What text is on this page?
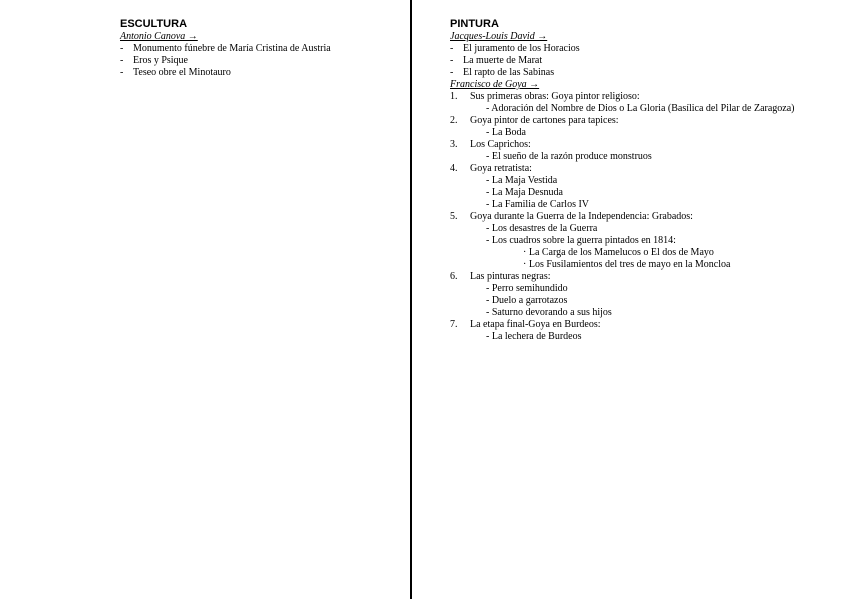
ESCULTURA
Antonio Canova →
- Monumento fúnebre de María Cristina de Austria
- Eros y Psique
- Teseo obre el Minotauro
PINTURA
Jacques-Louis David →
- El juramento de los Horacios
- La muerte de Marat
- El rapto de las Sabinas
Francisco de Goya →
1. Sus primeras obras: Goya pintor religioso:
- Adoración del Nombre de Dios o La Gloria (Basílica del Pilar de Zaragoza)
2. Goya pintor de cartones para tapices:
- La Boda
3. Los Caprichos:
- El sueño de la razón produce monstruos
4. Goya retratista:
- La Maja Vestida
- La Maja Desnuda
- La Familia de Carlos IV
5. Goya durante la Guerra de la Independencia: Grabados:
- Los desastres de la Guerra
- Los cuadros sobre la guerra pintados en 1814:
· La Carga de los Mamelucos o El dos de Mayo
· Los Fusilamientos del tres de mayo en la Moncloa
6. Las pinturas negras:
- Perro semihundido
- Duelo a garrotazos
- Saturno devorando a sus hijos
7. La etapa final-Goya en Burdeos:
- La lechera de Burdeos
